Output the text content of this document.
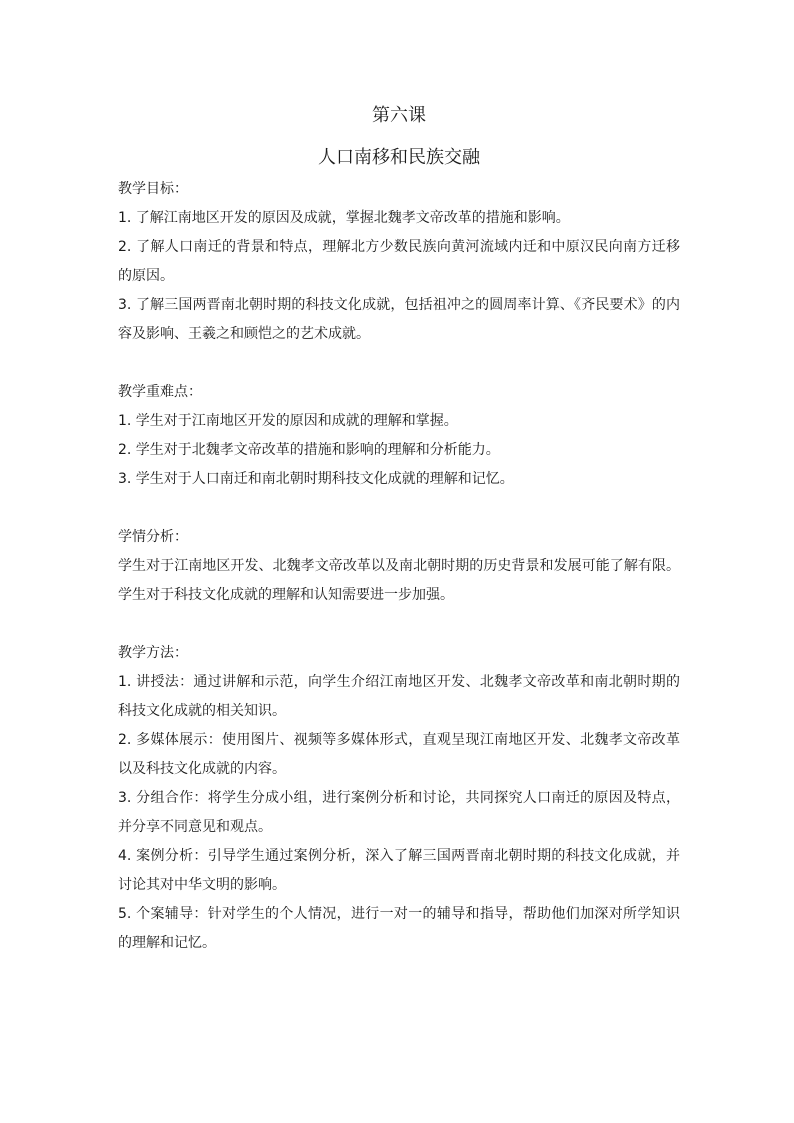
第六课
人口南移和民族交融

教学目标：

1. 了解江南地区开发的原因及成就，掌握北魏孝文帝改革的措施和影响。

2. 了解人口南迁的背景和特点，理解北方少数民族向黄河流域内迁和中原汉民向南方迁移的原因。

3. 了解三国两晋南北朝时期的科技文化成就，包括祖冲之的圆周率计算、《齐民要术》的内容及影响、王羲之和顾恺之的艺术成就。

教学重难点：

1. 学生对于江南地区开发的原因和成就的理解和掌握。

2. 学生对于北魏孝文帝改革的措施和影响的理解和分析能力。

3. 学生对于人口南迁和南北朝时期科技文化成就的理解和记忆。

学情分析：

学生对于江南地区开发、北魏孝文帝改革以及南北朝时期的历史背景和发展可能了解有限。学生对于科技文化成就的理解和认知需要进一步加强。

教学方法：

1. 讲授法：通过讲解和示范，向学生介绍江南地区开发、北魏孝文帝改革和南北朝时期的科技文化成就的相关知识。

2. 多媒体展示：使用图片、视频等多媒体形式，直观呈现江南地区开发、北魏孝文帝改革以及科技文化成就的内容。

3. 分组合作：将学生分成小组，进行案例分析和讨论，共同探究人口南迁的原因及特点，并分享不同意见和观点。

4. 案例分析：引导学生通过案例分析，深入了解三国两晋南北朝时期的科技文化成就，并讨论其对中华文明的影响。

5. 个案辅导：针对学生的个人情况，进行一对一的辅导和指导，帮助他们加深对所学知识的理解和记忆。
